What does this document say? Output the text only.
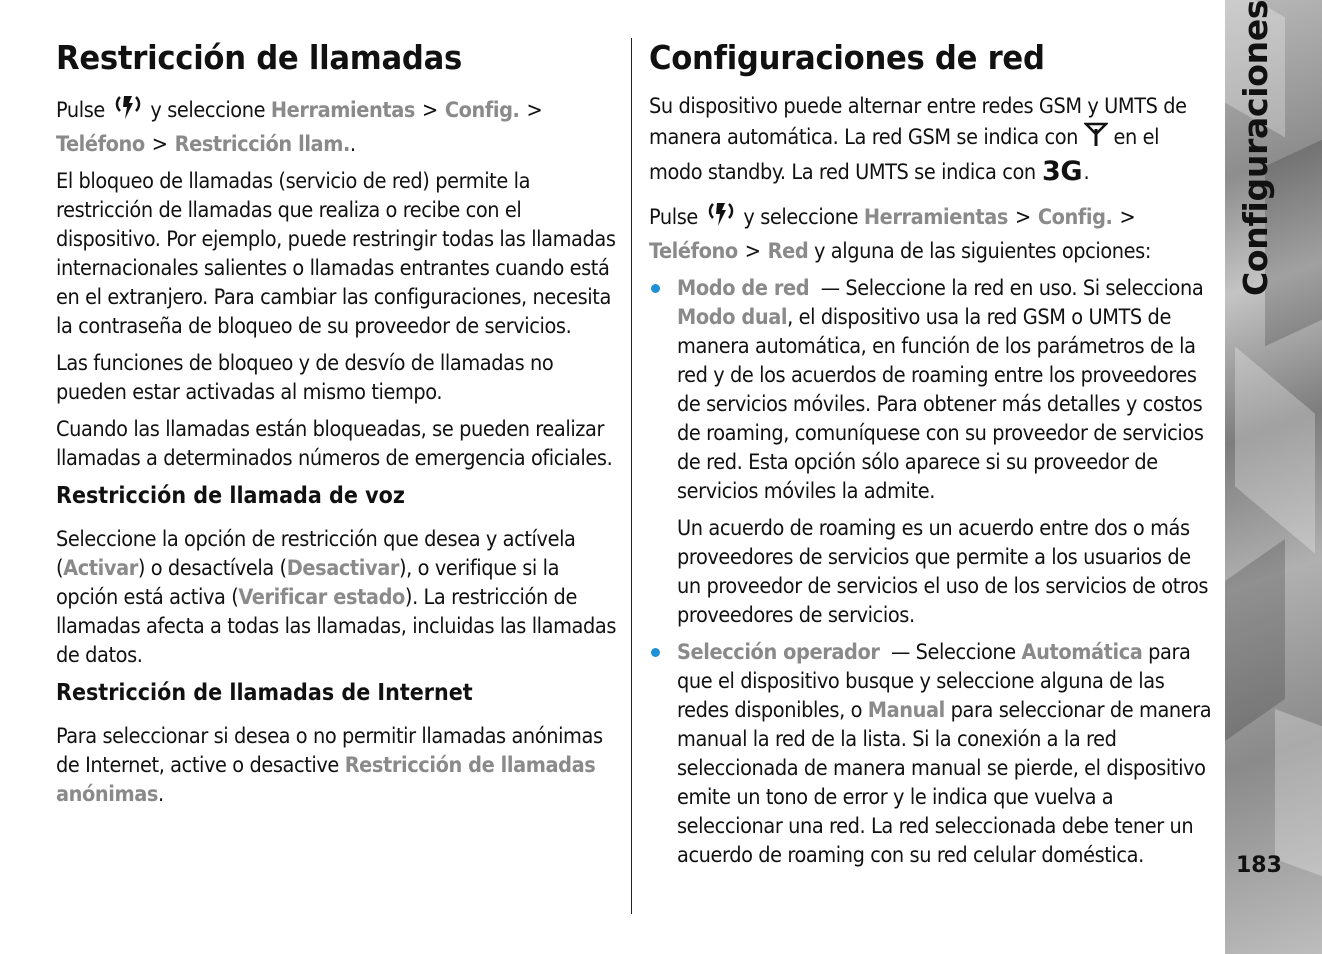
Restricción de llamadas

Pulse y seleccione Herramientas > Config. >
Teléfono > Restricción llam..

El bloqueo de llamadas (servicio de red) permite la restricción de llamadas que realiza o recibe con el dispositivo. Por ejemplo, puede restringir todas las llamadas internacionales salientes o llamadas entrantes cuando está en el extranjero. Para cambiar las configuraciones, necesita la contraseña de bloqueo de su proveedor de servicios.

Las funciones de bloqueo y de desvío de llamadas no pueden estar activadas al mismo tiempo.

Cuando las llamadas están bloqueadas, se pueden realizar llamadas a determinados números de emergencia oficiales.

Restricción de llamada de voz

Seleccione la opción de restricción que desea y actívela (Activar) o desactívela (Desactivar), o verifique si la opción está activa (Verificar estado). La restricción de llamadas afecta a todas las llamadas, incluidas las llamadas de datos.

Restricción de llamadas de Internet

Para seleccionar si desea o no permitir llamadas anónimas de Internet, active o desactive Restricción de llamadas anónimas.

Configuraciones de red

Su dispositivo puede alternar entre redes GSM y UMTS de manera automática. La red GSM se indica con en el modo standby. La red UMTS se indica con 3G .

Pulse y seleccione Herramientas > Config. >
Teléfono > Red y alguna de las siguientes opciones:

Modo de red — Seleccione la red en uso. Si selecciona Modo dual, el dispositivo usa la red GSM o UMTS de manera automática, en función de los parámetros de la red y de los acuerdos de roaming entre los proveedores de servicios móviles. Para obtener más detalles y costos de roaming, comuníquese con su proveedor de servicios de red. Esta opción sólo aparece si su proveedor de servicios móviles la admite.

Un acuerdo de roaming es un acuerdo entre dos o más proveedores de servicios que permite a los usuarios de un proveedor de servicios el uso de los servicios de otros proveedores de servicios.

Selección operador — Seleccione Automática para que el dispositivo busque y seleccione alguna de las redes disponibles, o Manual para seleccionar de manera manual la red de la lista. Si la conexión a la red seleccionada de manera manual se pierde, el dispositivo emite un tono de error y le indica que vuelva a seleccionar una red. La red seleccionada debe tener un acuerdo de roaming con su red celular doméstica.

Configuraciones
183
